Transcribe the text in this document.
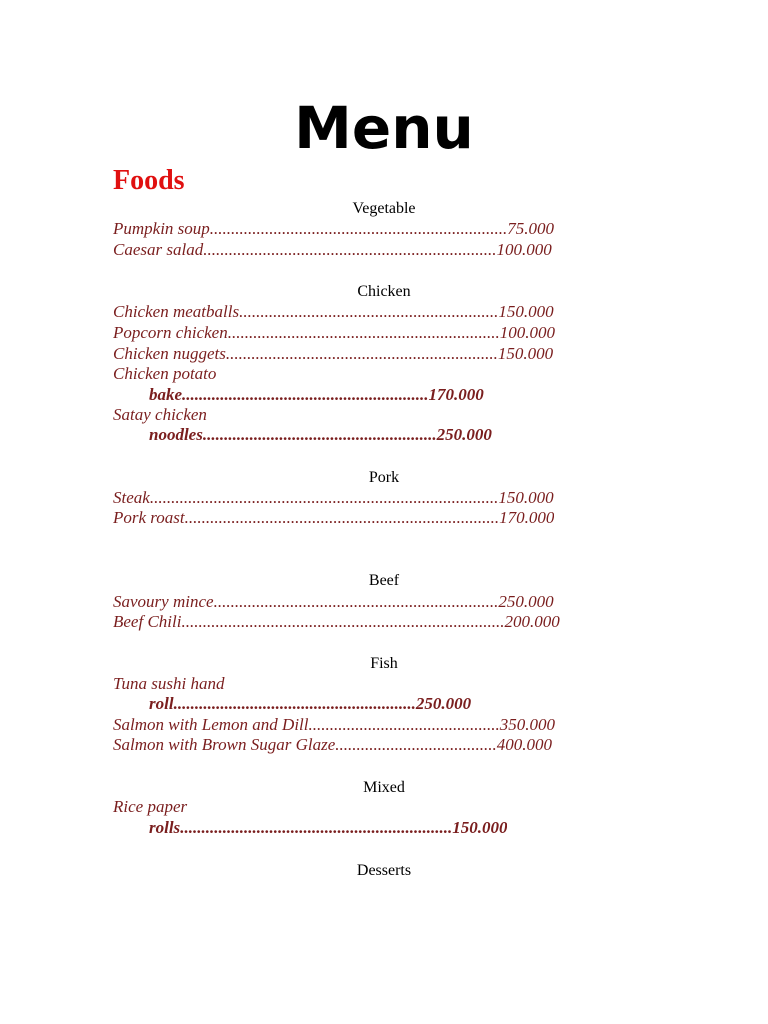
Menu
Foods
Vegetable
Pumpkin soup......................................................................75.000
Caesar salad.....................................................................100.000
Chicken
Chicken meatballs.............................................................150.000
Popcorn chicken................................................................100.000
Chicken nuggets................................................................150.000
Chicken potato
bake..........................................................170.000
Satay chicken
noodles.......................................................250.000
Pork
Steak..................................................................................150.000
Pork roast..........................................................................170.000
Beef
Savoury mince...................................................................250.000
Beef Chili............................................................................200.000
Fish
Tuna sushi hand
roll.........................................................250.000
Salmon with Lemon and Dill.............................................350.000
Salmon with Brown Sugar Glaze......................................400.000
Mixed
Rice paper
rolls................................................................150.000
Desserts
